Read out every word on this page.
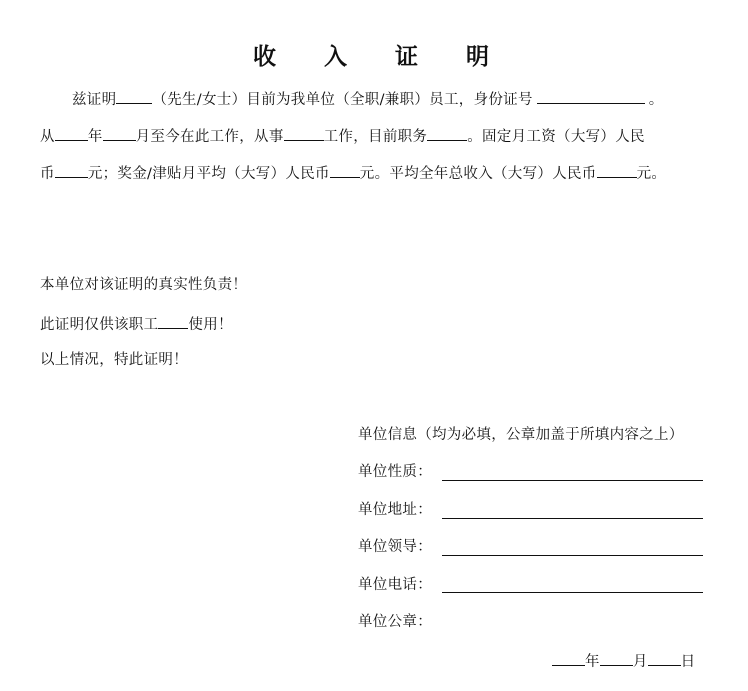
收 入 证 明
兹证明 （先生/女士）目前为我单位（全职/兼职）员工，身份证号	。
从 年 月至今在此工作，从事	工作，目前职务	。固定月工资（大写）人民
币 元；奖金/津贴月平均（大写）人民币 元。平均全年总收入（大写）人民币	元。
本单位对该证明的真实性负责！
此证明仅供该职工 使用！
以上情况，特此证明！
单位信息（均为必填，公章加盖于所填内容之上）
单位性质：
单位地址：
单位领导：
单位电话：
单位公章：
年 月 日
